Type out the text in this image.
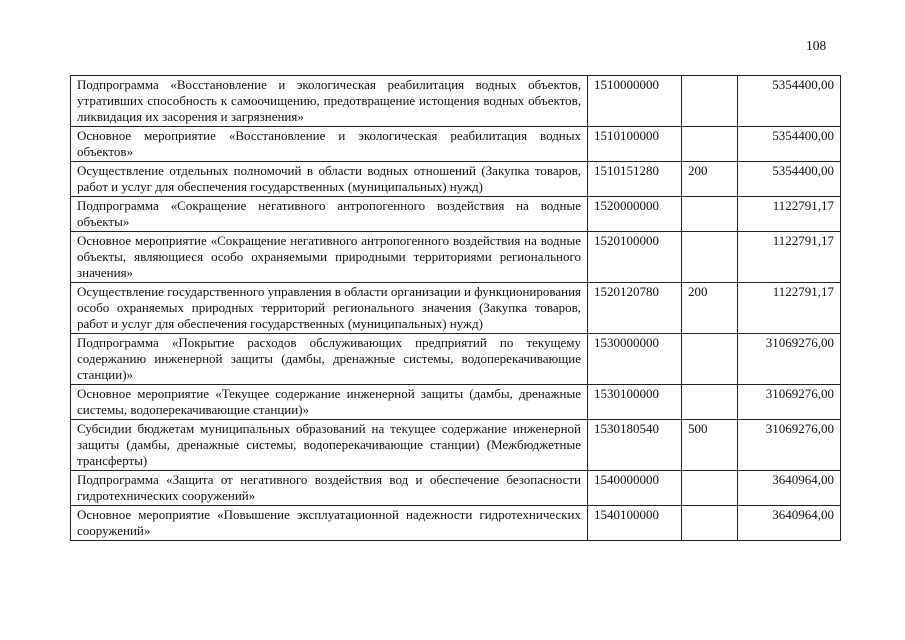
108
Подпрограмма «Восстановление и экологическая реабилитация водных объектов, утративших способность к самоочищению, предотвращение истощения водных объектов, ликвидация их засорения и загрязнения»	1510000000		5354400,00
Основное мероприятие «Восстановление и экологическая реабилитация водных объектов»	1510100000		5354400,00
Осуществление отдельных полномочий в области водных отношений (Закупка товаров, работ и услуг для обеспечения государственных (муниципальных) нужд)	1510151280	200	5354400,00
Подпрограмма «Сокращение негативного антропогенного воздействия на водные объекты»	1520000000		1122791,17
Основное мероприятие «Сокращение негативного антропогенного воздействия на водные объекты, являющиеся особо охраняемыми природными территориями регионального значения»	1520100000		1122791,17
Осуществление государственного управления в области организации и функционирования особо охраняемых природных территорий регионального значения (Закупка товаров, работ и услуг для обеспечения государственных (муниципальных) нужд)	1520120780	200	1122791,17
Подпрограмма «Покрытие расходов обслуживающих предприятий по текущему содержанию инженерной защиты (дамбы, дренажные системы, водоперекачивающие станции)»	1530000000		31069276,00
Основное мероприятие «Текущее содержание инженерной защиты (дамбы, дренажные системы, водоперекачивающие станции)»	1530100000		31069276,00
Субсидии бюджетам муниципальных образований на текущее содержание инженерной защиты (дамбы, дренажные системы, водоперекачивающие станции) (Межбюджетные трансферты)	1530180540	500	31069276,00
Подпрограмма «Защита от негативного воздействия вод и обеспечение безопасности гидротехнических сооружений»	1540000000		3640964,00
Основное мероприятие «Повышение эксплуатационной надежности гидротехнических сооружений»	1540100000		3640964,00
